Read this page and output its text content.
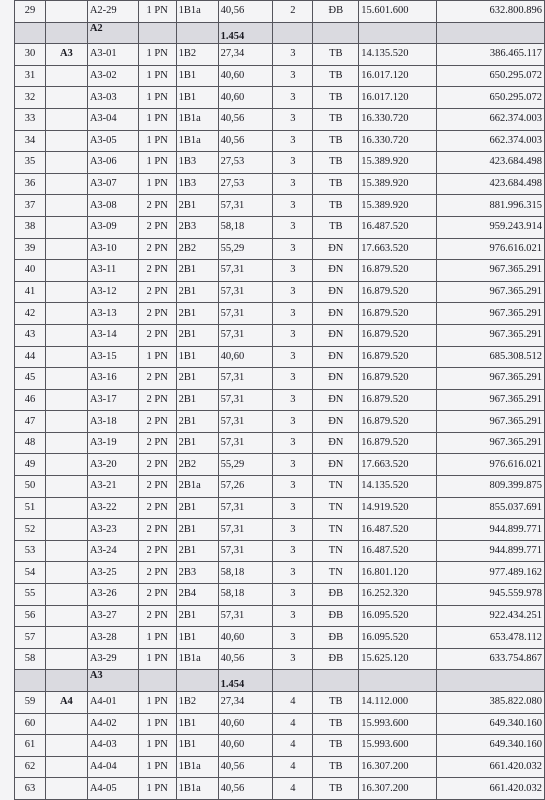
29		A2-29	1 PN	1B1a	40,56	2	ĐB	15.601.600	632.800.896
		A2			1.454				
30	A3	A3-01	1 PN	1B2	27,34	3	TB	14.135.520	386.465.117
31		A3-02	1 PN	1B1	40,60	3	TB	16.017.120	650.295.072
32		A3-03	1 PN	1B1	40,60	3	TB	16.017.120	650.295.072
33		A3-04	1 PN	1B1a	40,56	3	TB	16.330.720	662.374.003
34		A3-05	1 PN	1B1a	40,56	3	TB	16.330.720	662.374.003
35		A3-06	1 PN	1B3	27,53	3	TB	15.389.920	423.684.498
36		A3-07	1 PN	1B3	27,53	3	TB	15.389.920	423.684.498
37		A3-08	2 PN	2B1	57,31	3	TB	15.389.920	881.996.315
38		A3-09	2 PN	2B3	58,18	3	TB	16.487.520	959.243.914
39		A3-10	2 PN	2B2	55,29	3	ĐN	17.663.520	976.616.021
40		A3-11	2 PN	2B1	57,31	3	ĐN	16.879.520	967.365.291
41		A3-12	2 PN	2B1	57,31	3	ĐN	16.879.520	967.365.291
42		A3-13	2 PN	2B1	57,31	3	ĐN	16.879.520	967.365.291
43		A3-14	2 PN	2B1	57,31	3	ĐN	16.879.520	967.365.291
44		A3-15	1 PN	1B1	40,60	3	ĐN	16.879.520	685.308.512
45		A3-16	2 PN	2B1	57,31	3	ĐN	16.879.520	967.365.291
46		A3-17	2 PN	2B1	57,31	3	ĐN	16.879.520	967.365.291
47		A3-18	2 PN	2B1	57,31	3	ĐN	16.879.520	967.365.291
48		A3-19	2 PN	2B1	57,31	3	ĐN	16.879.520	967.365.291
49		A3-20	2 PN	2B2	55,29	3	ĐN	17.663.520	976.616.021
50		A3-21	2 PN	2B1a	57,26	3	TN	14.135.520	809.399.875
51		A3-22	2 PN	2B1	57,31	3	TN	14.919.520	855.037.691
52		A3-23	2 PN	2B1	57,31	3	TN	16.487.520	944.899.771
53		A3-24	2 PN	2B1	57,31	3	TN	16.487.520	944.899.771
54		A3-25	2 PN	2B3	58,18	3	TN	16.801.120	977.489.162
55		A3-26	2 PN	2B4	58,18	3	ĐB	16.252.320	945.559.978
56		A3-27	2 PN	2B1	57,31	3	ĐB	16.095.520	922.434.251
57		A3-28	1 PN	1B1	40,60	3	ĐB	16.095.520	653.478.112
58		A3-29	1 PN	1B1a	40,56	3	ĐB	15.625.120	633.754.867
		A3			1.454				
59	A4	A4-01	1 PN	1B2	27,34	4	TB	14.112.000	385.822.080
60		A4-02	1 PN	1B1	40,60	4	TB	15.993.600	649.340.160
61		A4-03	1 PN	1B1	40,60	4	TB	15.993.600	649.340.160
62		A4-04	1 PN	1B1a	40,56	4	TB	16.307.200	661.420.032
63		A4-05	1 PN	1B1a	40,56	4	TB	16.307.200	661.420.032
